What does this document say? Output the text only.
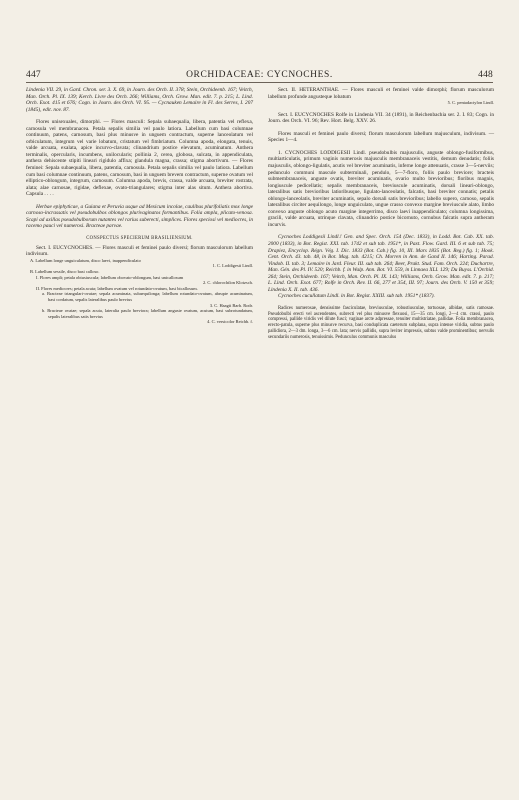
447	ORCHIDACEAE: CYCNOCHES.	448

Lindenia VII. 29, in Gard. Chron. ser. 3. X. 69, in Journ. des Orch. II. 378; Stein, Orchideenb. 167; Veitch, Man. Orch. Pl. IX. 139; Kerch. Livre des Orch. 266; Williams, Orch. Grow. Man. edit. 7. p. 215; L. Lind. Orch. Exot. 415 et 676; Cogn. in Journ. des Orch. VI. 95. — Cycnauken Lemaire in Fl. des Serres, I. 207 (1845), edit. nov. 87.

Flores unisexuales, dimorphi. — Flores masculi: Sepala subaequalia, libera, patentia vel reflexa, carnosula vel membranacea. Petala sepalis similia vel paulo latiora. Labellum cum basi columnae continuum, patens, carnosum, basi plus minusve in unguem contractum, superne lanceolatum vel orbiculatum, integrum vel varie lobatum, cristatum vel fimbriatum. Columna apoda, elongata, tenuis, valde arcuata, exalata, apice incurvo-clavata; clinandrium postice elevatum, acuminatum. Anthera terminalis, opercularis, incumbens, unilocularis; pollinia 2, cerea, globosa, sulcata, in appendiculata, anthera dehiscente stipiti lineari rigidulo affixa; glandula magna, crassa; stigma abortivum. — Flores feminei: Sepala subaequalia, libera, patentia, carnosula. Petala sepalis similia vel paulo latiora. Labellum cum basi columnae continuum, patens, carnosum, basi in unguem brevem contractum, superne ovatum vel elliptico-oblongum, integrum, carnosum. Columna apoda, brevis, crassa, valde arcuata, breviter rostrata, alata; alae carnosae, rigidae, deflexae, ovato-triangulares; stigma inter alas situm. Anthera abortiva. Capsula . . . .

Herbae epiphyticae, a Guiana et Peruvia usque ad Mexicum incolae, caulibus plurifoliatis mox longe carnoso-incrassatis vel pseudobulbos oblongos plurivaginatos formantibus. Folia ampla, plicato-venosa. Scapi ad axillas pseudobulborum nutantes vel rarius suberecti, simplices. Flores speciosi vel mediocres, in racemo pauci vel numerosi. Bracteae parvae.

CONSPECTUS SPECIERUM BRASILIENSIUM.

Sect. I. EUCYCNOCHES. — Flores masculi et feminei paulo diversi; florum masculorum labellum indivisum.

A. Labellum longe unguiculatum, disco laevi, inappendiculato
1. C. Loddigesii Lindl.
B. Labellum sessile, disco basi calloso.
I. Flores ampli; petala obtusiuscula; labellum obovato-oblongum, basi unicallosum
2. C. chlorochilon Klotzsch.
II. Flores mediocres; petala acuta; labellum ovatum vel rotundato-ovatum, basi bicallosum.
a. Bracteae triangulari-ovatae; sepala acuminata, subaequilonga; labellum rotundato-ovatum, abrupte acuminatum, basi cordatum, sepalis lateralibus paulo brevius
3. C. Haagii Barb. Rodr.
b. Bracteae ovatae; sepala acuta, lateralia paulo breviora; labellum anguste ovatum, acutum, basi subrotundatum, sepalis lateralibus satis brevius
4. C. versicolor Reichb. f.

Sect. II. HETERANTHAE. — Flores masculi et feminei valde dimorphi; florum masculorum labellum profunde angusteque lobatum

5. C. pentadactylon Lindl.

Sect. I. EUCYCNOCHES Rolfe in Lindenia VII. 34 (1891), in Reichenbachia ser. 2. I. 83; Cogn. in Journ. des Orch. VI. 96; Rev. Hort. Belg. XXV. 26.

Flores masculi et feminei paulo diversi; florum masculorum labellum majusculum, indivisum. — Species 1—4.

1. CYCNOCHES LODDIGESII Lindl. pseudobulbis majusculis, anguste oblongo-fusiformibus, multiarticulatis, primum vaginis numerosis majusculis membranaceis vestitis, demum denudatis; foliis majusculis, oblongo-ligulatis, acutis vel breviter acuminatis, inferne longe attenuatis, crasse 3—5-nerviis; pedunculo communi mascule subterminali, pendulo, 5—7-floro, foliis paulo breviore; bracteis submembranaceis, anguste ovatis, breviter acuminatis, ovario multo brevioribus; floribus magnis, longiuscule pedicellatis; sepalis membranaceis, breviuscule acuminatis, dorsali lineari-oblongo, lateralibus satis brevioribus latioribusque, ligulato-lanceolatis, falcatis, basi breviter connatis; petalis oblongo-lanceolatis, breviter acuminatis, sepalo dorsali satis brevioribus; labello supero, carnoso, sepalis lateralibus circiter aequilongo, longe unguiculato, ungue crasso convexo margine breviuscule alato, limbo convexo anguste oblongo acuto margine integerrimo, disco laevi inappendiculato; columna longissima, gracili, valde arcuata, utrinque clavata, clinandrio postice bicornuto, cornubus falcatis supra antheram incurvis.

Cycnoches Loddigesii Lindl.! Gen. and Spec. Orch. 154 (Dec. 1833), in Lodd. Bot. Cab. XX. tab. 2000 (1833), in Bot. Regist. XXI. tab. 1742 et sub tab. 1951*, in Paxt. Flow. Gard. III. 6 et sub tab. 75; Drapiez, Encyclop. Régn. Vég. I. Dic. 1833 (Bot. Cab.) fig. 10, III. Mars 1835 (Bot. Reg.) fig. 1; Hook. Cent. Orch. 43. tab. 48, in Bot. Mag. tab. 4215; Ch. Morren in Ann. de Gand II. 146; Harting. Parad. Vindob. II. tab. 3; Lemaire in Jard. Fleur. III. sub tab. 264; Beer, Prakt. Stud. Fam. Orch. 224; Duchartre, Man. Gén. des Pl. IV. 520; Reichb. f. in Walp. Ann. Bot. VI. 559, in Linnaea XLI. 129; Du Buyss. L'Orchid. 264; Stein, Orchideenb. 167; Veitch, Man. Orch. Pl. IX. 143; Williams, Orch. Grow. Man. edit. 7. p. 217; L. Lind. Orch. Exot. 677; Rolfe in Orch. Rev. II. 66, 277 et 354, III. 97; Journ. des Orch. V. 150 et 359; Lindenia X. II. tab. 436.

Cycnoches cucullatum Lindl. in Bot. Regist. XXIII. sub tab. 1951* (1837).

Radices numerosae, densissime fasciculatae, breviusculae, robustiusculae, tortuosae, albidae, satis ramosae. Pseudobulbi erecti vel ascendentes, subrecti vel plus minusve flexuosi, 15—35 cm. longi, 2—4 cm. crassi, paulo compressi, pallide viridis vel dilute fusci; vaginae arcte adpressae, tenuiter multistriatae, pallidae. Folia membranacea, erecto-patula, superne plus minusve recurva, basi conduplicata caeterum subplana, supra intense viridia, subtus paulo pallidiora, 2—3 dm. longa, 3—6 cm. lata; nervis pallidis, supra leviter impressis, subtus valde prominentibus; nervulis secundariis numerosis, tenuissimis. Pedunculus communis masculus
